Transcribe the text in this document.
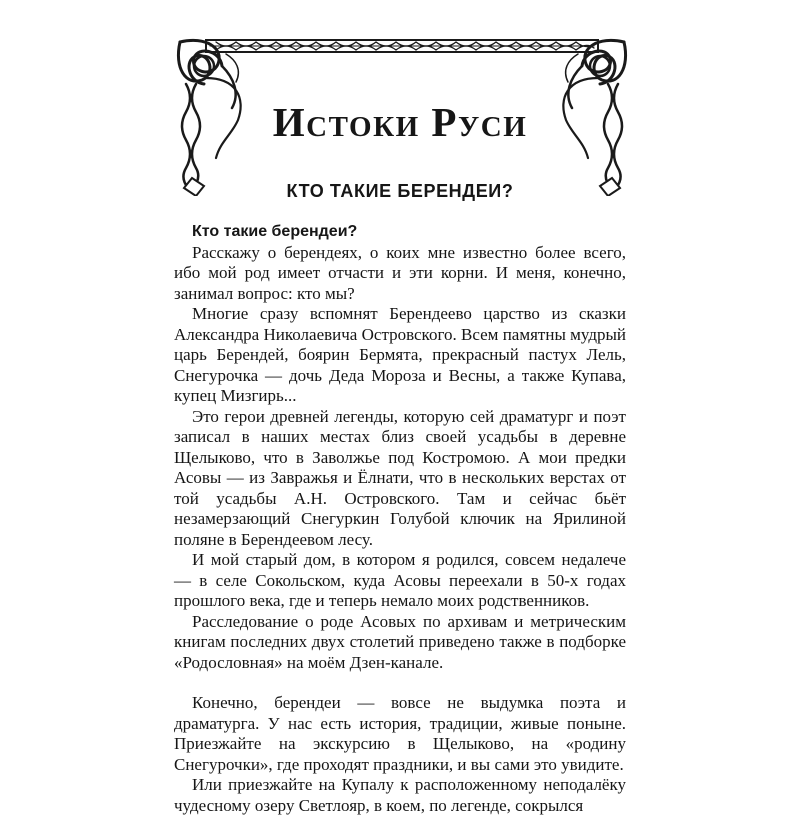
Истоки Руси
КТО ТАКИЕ БЕРЕНДЕИ?

Кто такие берендеи?

Расскажу о берендеях, о коих мне известно более всего, ибо мой род имеет отчасти и эти корни. И меня, конечно, занимал вопрос: кто мы?

Многие сразу вспомнят Берендеево царство из сказки Александра Николаевича Островского. Всем памятны мудрый царь Берендей, боярин Бермята, прекрасный пастух Лель, Снегурочка — дочь Деда Мороза и Весны, а также Купава, купец Мизгирь...

Это герои древней легенды, которую сей драматург и поэт записал в наших местах близ своей усадьбы в деревне Щелыково, что в Заволжье под Костромою. А мои предки Асовы — из Завражья и Ёлнати, что в нескольких верстах от той усадьбы А.Н. Островского. Там и сейчас бьёт незамерзающий Снегуркин Голубой ключик на Ярилиной поляне в Берендеевом лесу.

И мой старый дом, в котором я родился, совсем недалече — в селе Сокольском, куда Асовы переехали в 50-х годах прошлого века, где и теперь немало моих родственников.

Расследование о роде Асовых по архивам и метрическим книгам последних двух столетий приведено также в подборке «Родословная» на моём Дзен-канале.

Конечно, берендеи — вовсе не выдумка поэта и драматурга. У нас есть история, традиции, живые поныне. Приезжайте на экскурсию в Щелыково, на «родину Снегурочки», где проходят праздники, и вы сами это увидите.

Или приезжайте на Купалу к расположенному неподалёку чудесному озеру Светлояр, в коем, по легенде, сокрылся
